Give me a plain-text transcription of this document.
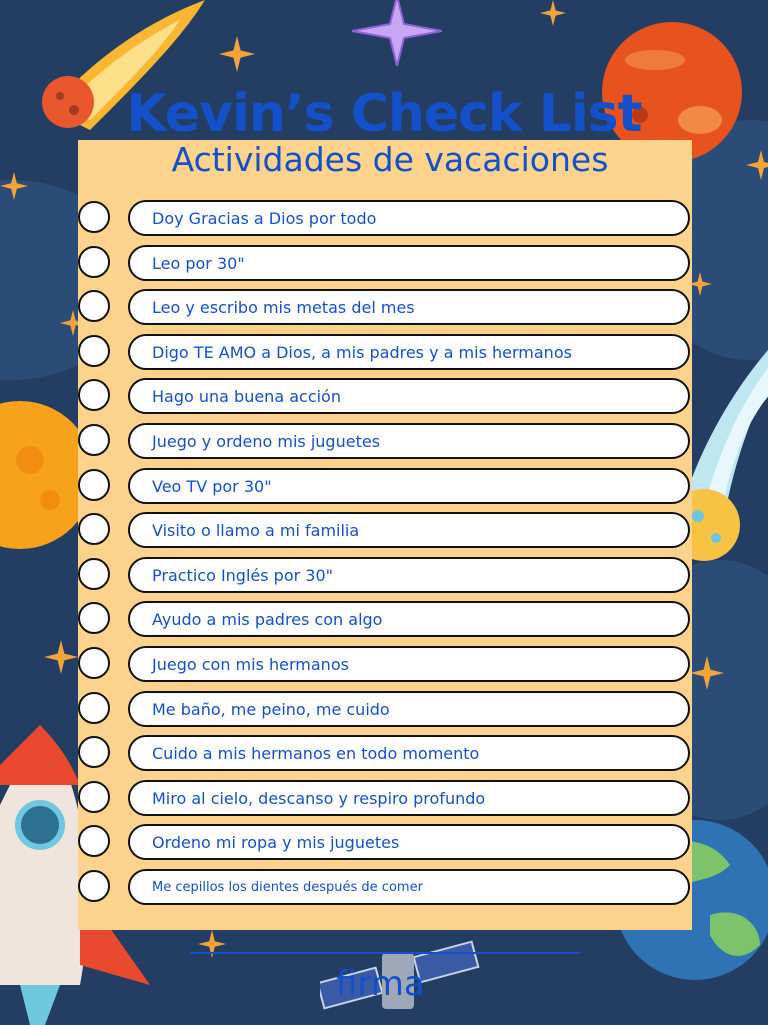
Kevin’s Check List
Actividades de vacaciones
Doy Gracias a Dios por todo
Leo por 30"
Leo y escribo mis metas del mes
Digo TE AMO a Dios, a mis padres y a mis hermanos
Hago una buena acción
Juego y ordeno mis juguetes
Veo TV por 30"
Visito o llamo a mi familia
Practico Inglés por 30"
Ayudo a mis padres con algo
Juego con mis hermanos
Me baño, me peino, me cuido
Cuido a mis hermanos en todo momento
Miro al cielo, descanso y respiro profundo
Ordeno mi ropa y mis juguetes
Me cepillos los dientes después de comer
firma
